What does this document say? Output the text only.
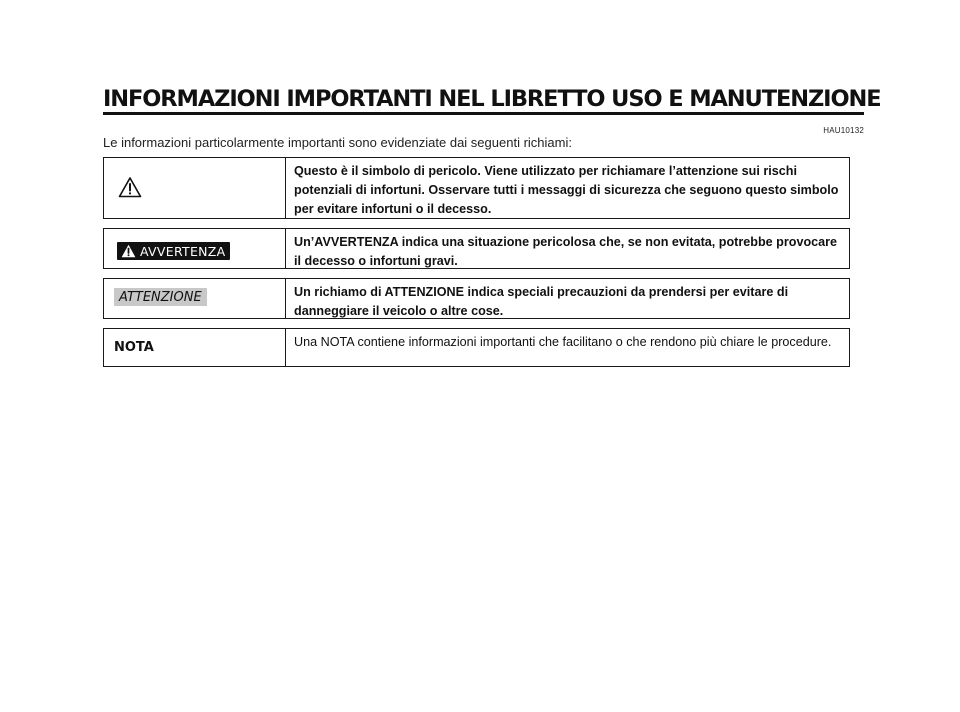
INFORMAZIONI IMPORTANTI NEL LIBRETTO USO E MANUTENZIONE
HAU10132
Le informazioni particolarmente importanti sono evidenziate dai seguenti richiami:
Questo è il simbolo di pericolo. Viene utilizzato per richiamare l’attenzione sui rischi potenziali di infortuni. Osservare tutti i messaggi di sicurezza che seguono questo simbolo per evitare infortuni o il decesso.
AVVERTENZA
Un’AVVERTENZA indica una situazione pericolosa che, se non evitata, potrebbe provocare il decesso o infortuni gravi.
ATTENZIONE	Un richiamo di ATTENZIONE indica speciali precauzioni da prendersi per evitare di danneggiare il veicolo o altre cose.
NOTA	Una NOTA contiene informazioni importanti che facilitano o che rendono più chiare le procedure.
